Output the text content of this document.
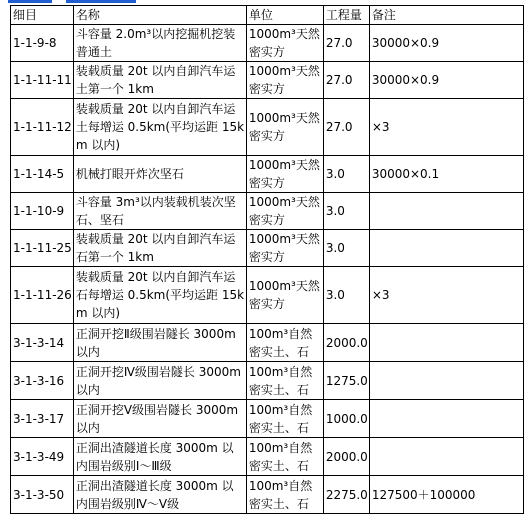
细目	名称	单位	工程量	备注
1-1-9-8	斗容量 2.0m³以内挖掘机挖装普通土	1000m³天然密实方	27.0	30000×0.9
1-1-11-11	装载质量 20t 以内自卸汽车运土第一个 1km	1000m³天然密实方	27.0	30000×0.9
1-1-11-12	装载质量 20t 以内自卸汽车运土每增运 0.5km(平均运距 15km 以内)	1000m³天然密实方	27.0	×3
1-1-14-5	机械打眼开炸次坚石	1000m³天然密实方	3.0	30000×0.1
1-1-10-9	斗容量 3m³以内装载机装次坚石、坚石	1000m³天然密实方	3.0	
1-1-11-25	装载质量 20t 以内自卸汽车运石第一个 1km	1000m³天然密实方	3.0	
1-1-11-26	装载质量 20t 以内自卸汽车运石每增运 0.5km(平均运距 15km 以内)	1000m³天然密实方	3.0	×3
3-1-3-14	正洞开挖Ⅱ级围岩隧长 3000m 以内	100m³自然密实土、石	2000.0	
3-1-3-16	正洞开挖Ⅳ级围岩隧长 3000m 以内	100m³自然密实土、石	1275.0	
3-1-3-17	正洞开挖Ⅴ级围岩隧长 3000m 以内	100m³自然密实土、石	1000.0	
3-1-3-49	正洞出渣隧道长度 3000m 以内围岩级别Ⅰ～Ⅲ级	100m³自然密实土、石	2000.0	
3-1-3-50	正洞出渣隧道长度 3000m 以内围岩级别Ⅳ～Ⅴ级	100m³自然密实土、石	2275.0	127500＋100000
